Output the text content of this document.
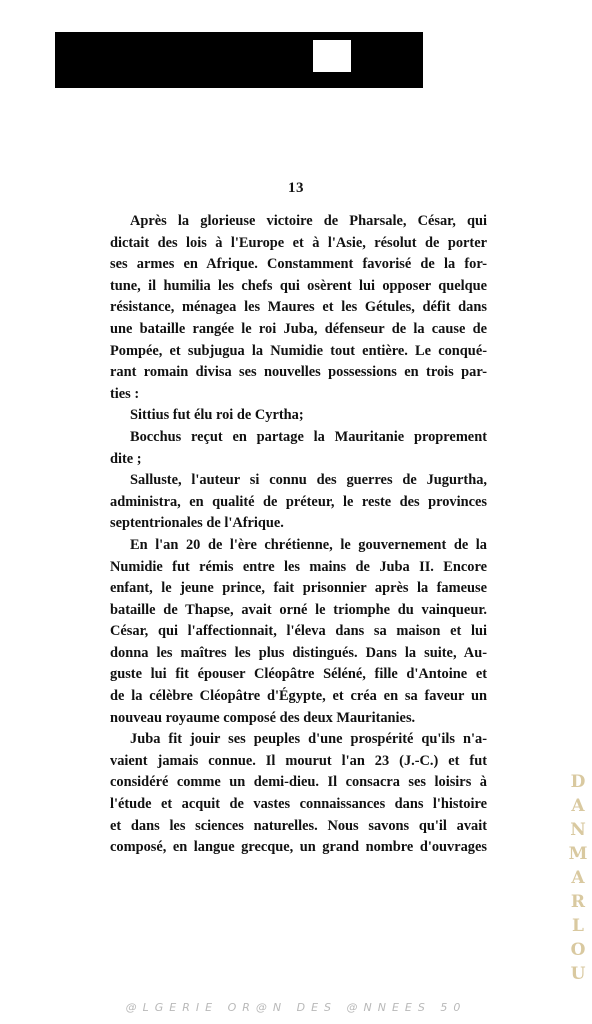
13
Après la glorieuse victoire de Pharsale, César, qui
dictait des lois à l'Europe et à l'Asie, résolut de porter
ses armes en Afrique. Constamment favorisé de la for-
tune, il humilia les chefs qui osèrent lui opposer quelque
résistance, ménagea les Maures et les Gétules, défit dans
une bataille rangée le roi Juba, défenseur de la cause de
Pompée, et subjugua la Numidie tout entière. Le conqué-
rant romain divisa ses nouvelles possessions en trois par-
ties :
Sittius fut élu roi de Cyrtha;
Bocchus reçut en partage la Mauritanie proprement
dite ;
Salluste, l'auteur si connu des guerres de Jugurtha,
administra, en qualité de préteur, le reste des provinces
septentrionales de l'Afrique.
En l'an 20 de l'ère chrétienne, le gouvernement de la
Numidie fut rémis entre les mains de Juba II. Encore
enfant, le jeune prince, fait prisonnier après la fameuse
bataille de Thapse, avait orné le triomphe du vainqueur.
César, qui l'affectionnait, l'éleva dans sa maison et lui
donna les maîtres les plus distingués. Dans la suite, Au-
guste lui fit épouser Cléopâtre Séléné, fille d'Antoine et
de la célèbre Cléopâtre d'Égypte, et créa en sa faveur un
nouveau royaume composé des deux Mauritanies.
Juba fit jouir ses peuples d'une prospérité qu'ils n'a-
vaient jamais connue. Il mourut l'an 23 (J.-C.) et fut
considéré comme un demi-dieu. Il consacra ses loisirs à
l'étude et acquit de vastes connaissances dans l'histoire
et dans les sciences naturelles. Nous savons qu'il avait
composé, en langue grecque, un grand nombre d'ouvrages
D
A
N
M
A
R
L
O
U
@LGERIE OR@N DES @NNEES 50
